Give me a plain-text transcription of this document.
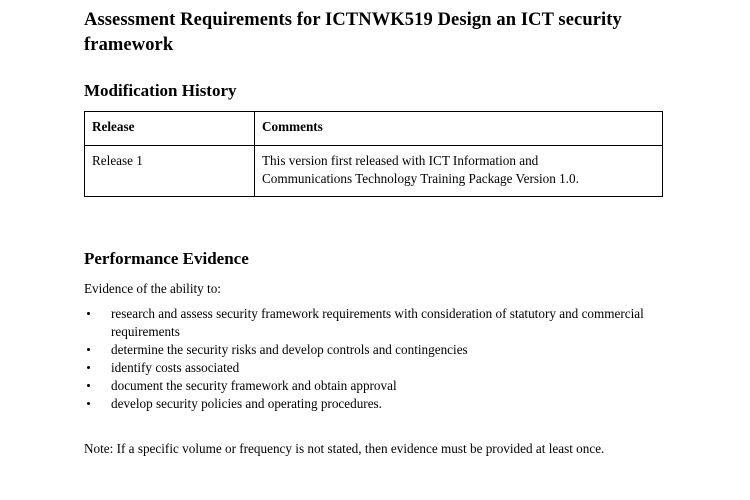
Assessment Requirements for ICTNWK519 Design an ICT security framework
Modification History
Release	Comments
Release 1	This version first released with ICT Information and
Communications Technology Training Package Version 1.0.
Performance Evidence

Evidence of the ability to:

research and assess security framework requirements with consideration of statutory and commercial requirements
determine the security risks and develop controls and contingencies
identify costs associated
document the security framework and obtain approval
develop security policies and operating procedures.

Note: If a specific volume or frequency is not stated, then evidence must be provided at least once.
